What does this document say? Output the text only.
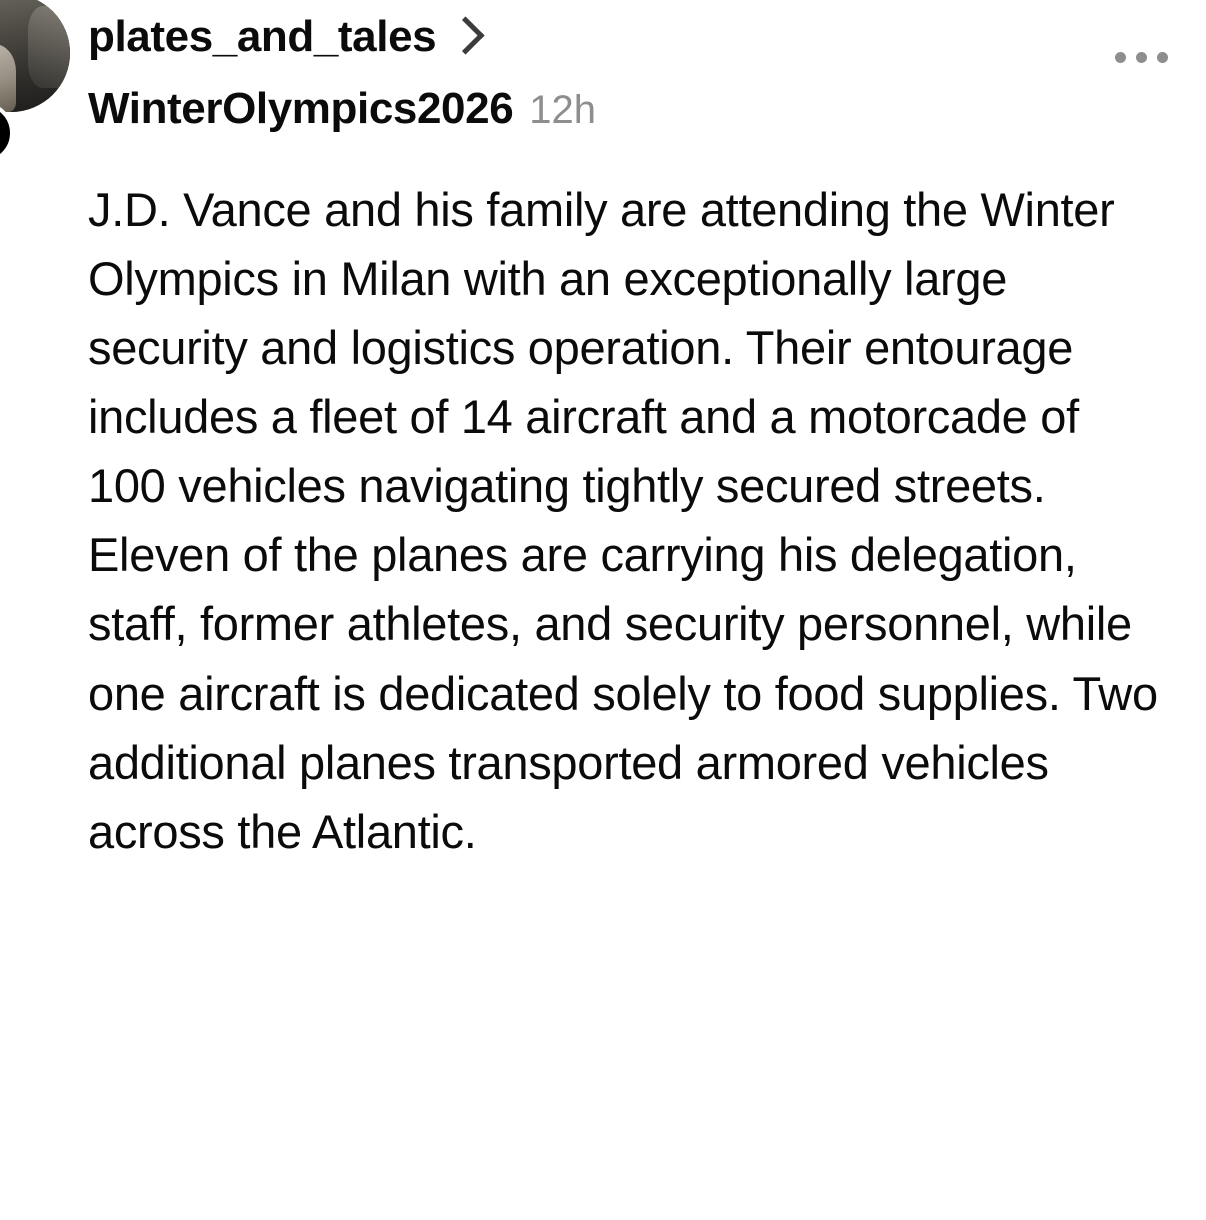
plates_and_tales
WinterOlympics2026 12h
J.D. Vance and his family are attending the Winter Olympics in Milan with an exceptionally large security and logistics operation. Their entourage includes a fleet of 14 aircraft and a motorcade of 100 vehicles navigating tightly secured streets. Eleven of the planes are carrying his delegation, staff, former athletes, and security personnel, while one aircraft is dedicated solely to food supplies. Two additional planes transported armored vehicles across the Atlantic.
